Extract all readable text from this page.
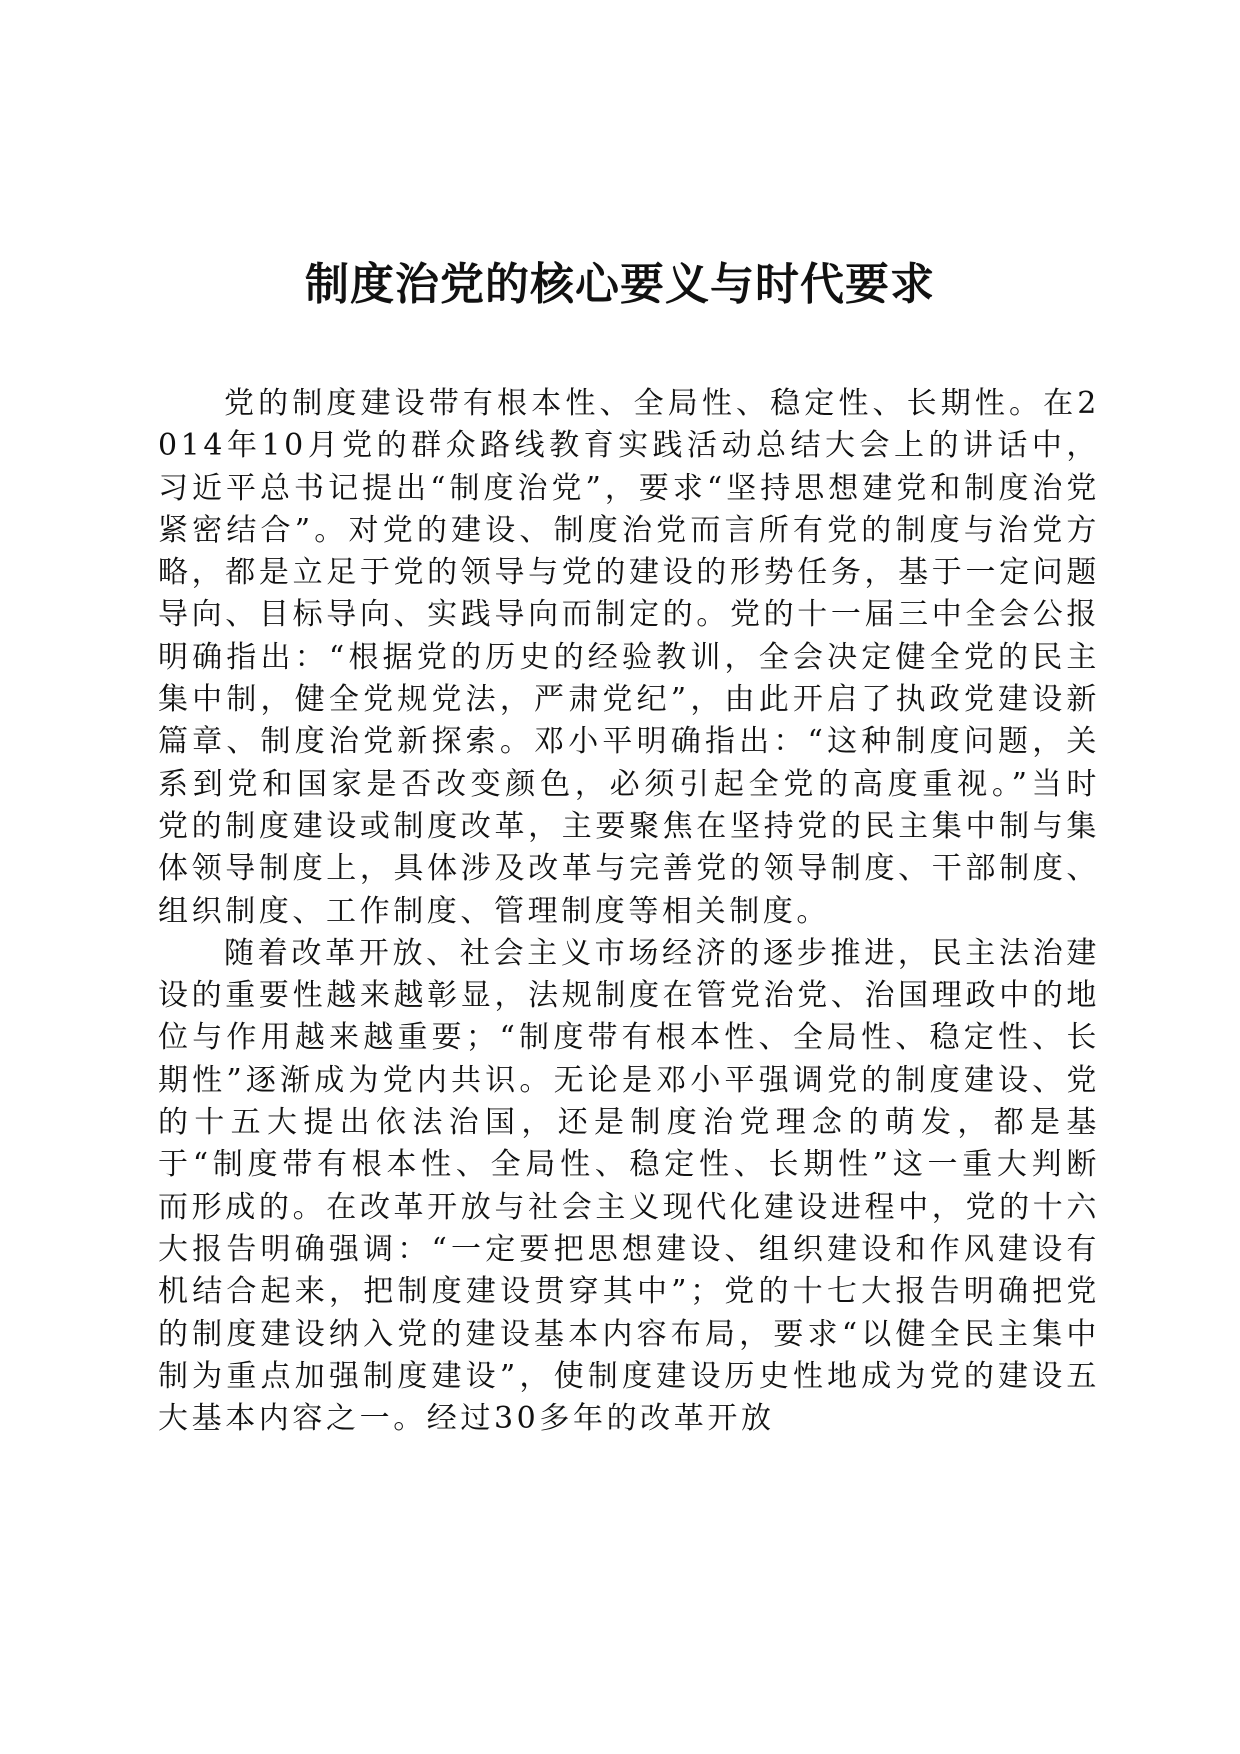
制度治党的核心要义与时代要求

党的制度建设带有根本性、全局性、稳定性、长期性。在2014年10月党的群众路线教育实践活动总结大会上的讲话中，习近平总书记提出“制度治党”，要求“坚持思想建党和制度治党紧密结合”。对党的建设、制度治党而言所有党的制度与治党方略，都是立足于党的领导与党的建设的形势任务，基于一定问题导向、目标导向、实践导向而制定的。党的十一届三中全会公报明确指出：“根据党的历史的经验教训，全会决定健全党的民主集中制，健全党规党法，严肃党纪”，由此开启了执政党建设新篇章、制度治党新探索。邓小平明确指出：“这种制度问题，关系到党和国家是否改变颜色，必须引起全党的高度重视。”当时党的制度建设或制度改革，主要聚焦在坚持党的民主集中制与集体领导制度上，具体涉及改革与完善党的领导制度、干部制度、组织制度、工作制度、管理制度等相关制度。

随着改革开放、社会主义市场经济的逐步推进，民主法治建设的重要性越来越彰显，法规制度在管党治党、治国理政中的地位与作用越来越重要；“制度带有根本性、全局性、稳定性、长期性”逐渐成为党内共识。无论是邓小平强调党的制度建设、党的十五大提出依法治国，还是制度治党理念的萌发，都是基于“制度带有根本性、全局性、稳定性、长期性”这一重大判断而形成的。在改革开放与社会主义现代化建设进程中，党的十六大报告明确强调：“一定要把思想建设、组织建设和作风建设有机结合起来，把制度建设贯穿其中”；党的十七大报告明确把党的制度建设纳入党的建设基本内容布局，要求“以健全民主集中制为重点加强制度建设”，使制度建设历史性地成为党的建设五大基本内容之一。经过30多年的改革开放
